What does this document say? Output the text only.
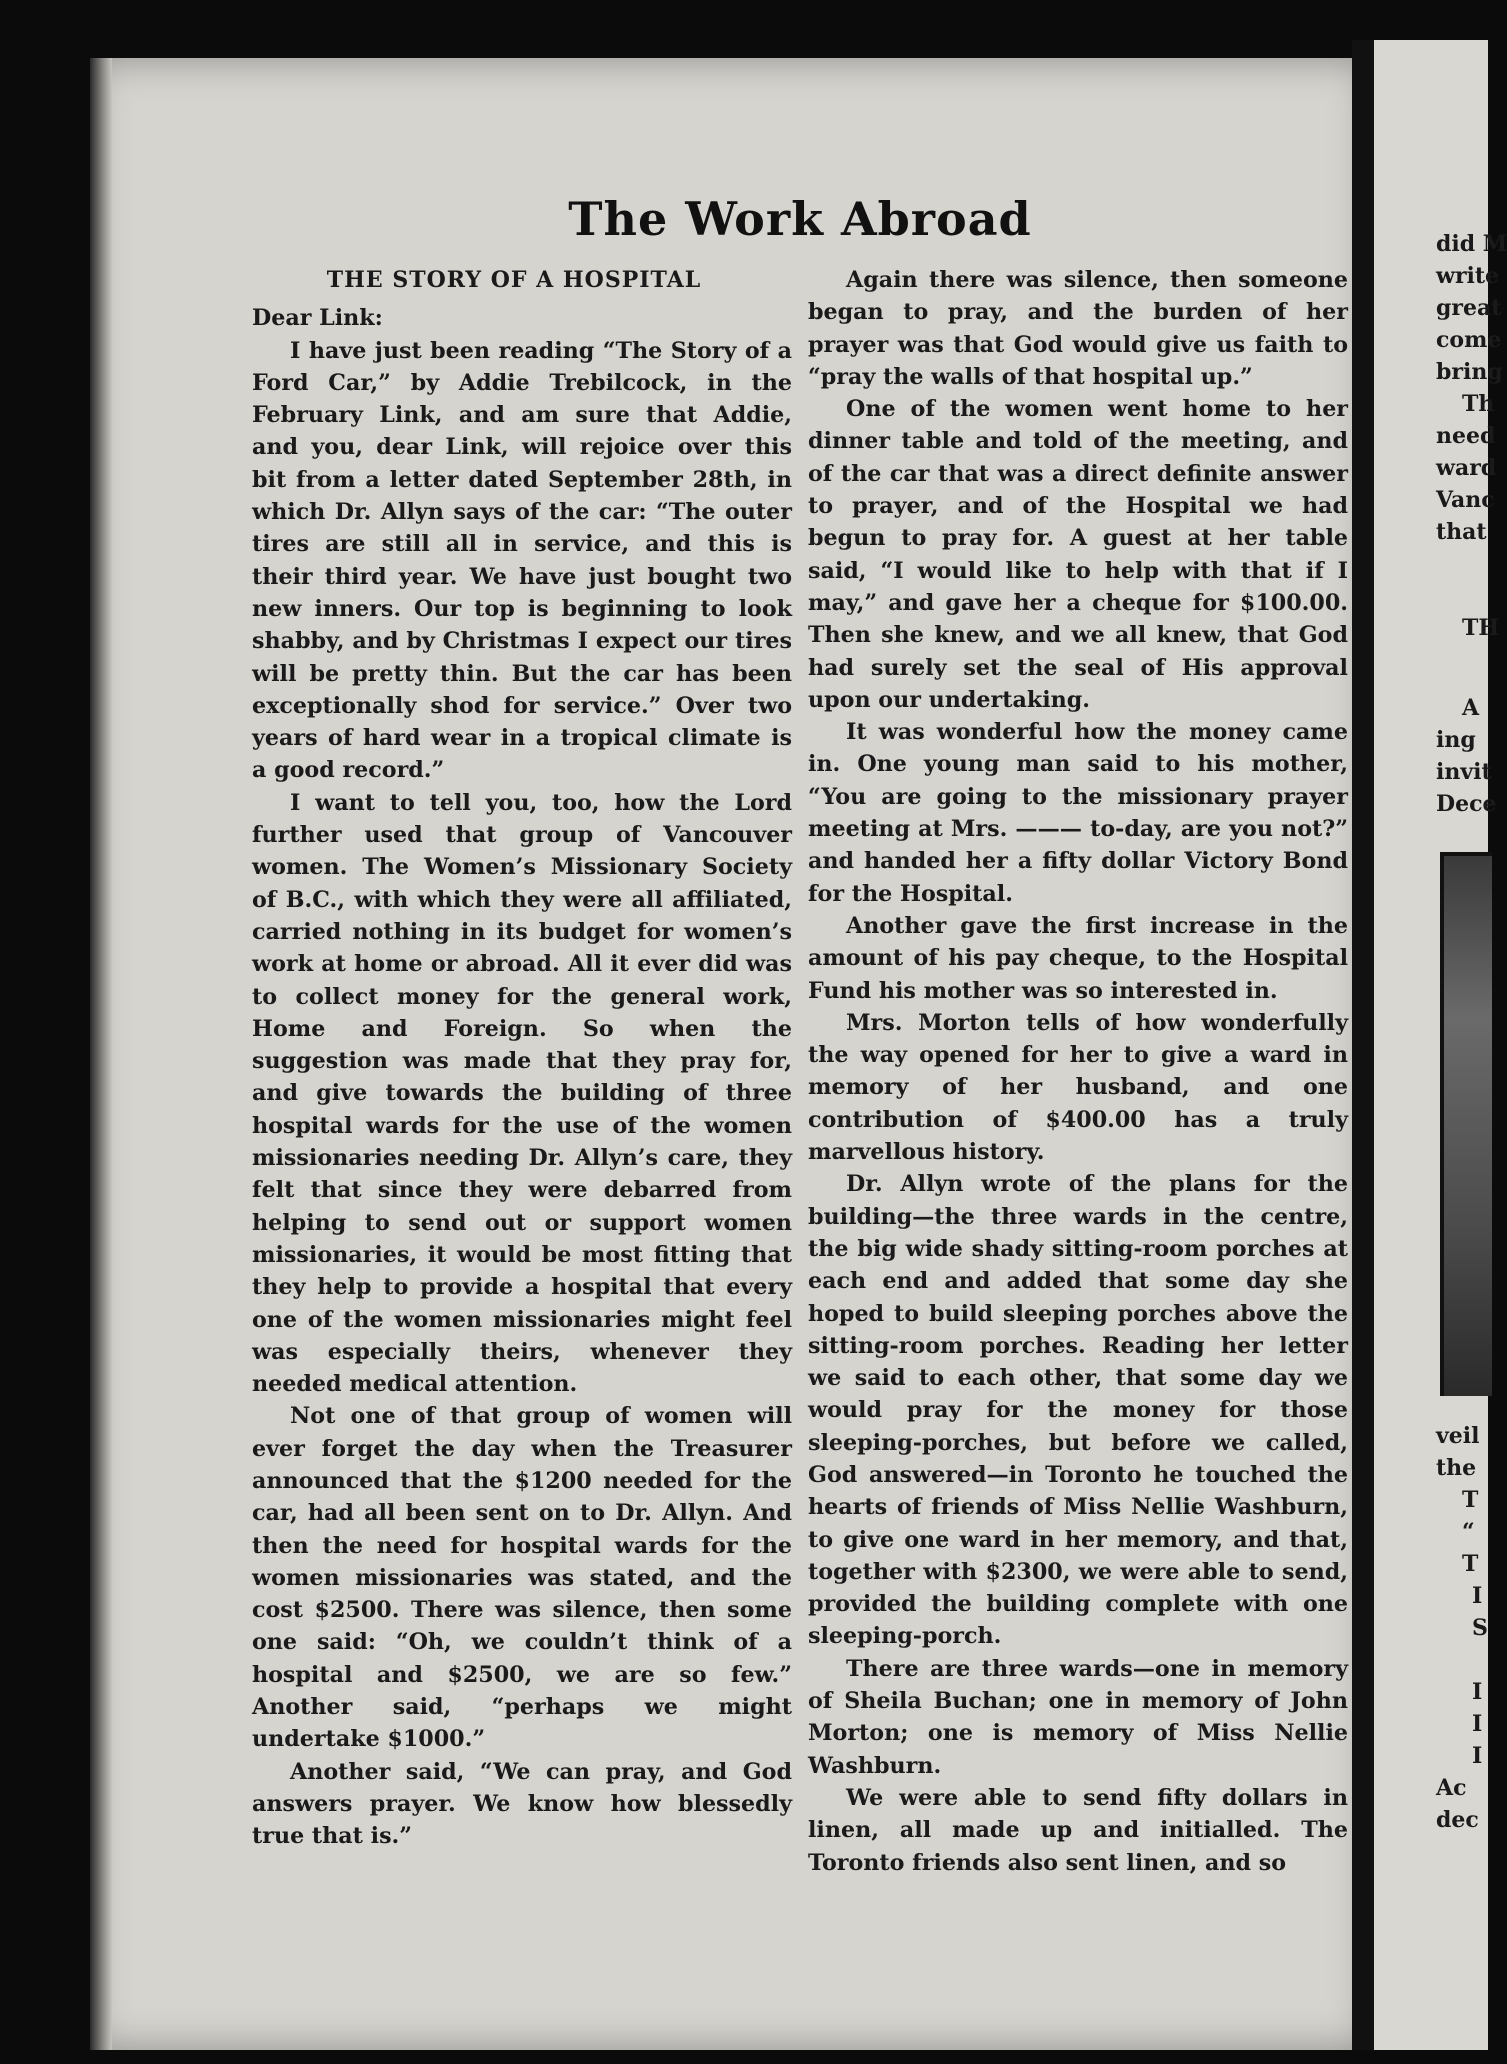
The Work Abroad

THE STORY OF A HOSPITAL

Dear Link:

I have just been reading “The Story of a Ford Car,” by Addie Trebilcock, in the February Link, and am sure that Addie, and you, dear Link, will rejoice over this bit from a letter dated September 28th, in which Dr. Allyn says of the car: “The outer tires are still all in service, and this is their third year. We have just bought two new inners. Our top is beginning to look shabby, and by Christmas I expect our tires will be pretty thin. But the car has been exceptionally shod for service.” Over two years of hard wear in a tropical climate is a good record.”

I want to tell you, too, how the Lord further used that group of Vancouver women. The Women’s Missionary Society of B.C., with which they were all affiliated, carried nothing in its budget for women’s work at home or abroad. All it ever did was to collect money for the general work, Home and Foreign. So when the suggestion was made that they pray for, and give towards the building of three hospital wards for the use of the women missionaries needing Dr. Allyn’s care, they felt that since they were debarred from helping to send out or support women missionaries, it would be most fitting that they help to provide a hospital that every one of the women missionaries might feel was especially theirs, whenever they needed medical attention.

Not one of that group of women will ever forget the day when the Treasurer announced that the $1200 needed for the car, had all been sent on to Dr. Allyn. And then the need for hospital wards for the women missionaries was stated, and the cost $2500. There was silence, then some one said: “Oh, we couldn’t think of a hospital and $2500, we are so few.” Another said, “perhaps we might undertake $1000.”

Another said, “We can pray, and God answers prayer. We know how blessedly true that is.”

Again there was silence, then someone began to pray, and the burden of her prayer was that God would give us faith to “pray the walls of that hospital up.”

One of the women went home to her dinner table and told of the meeting, and of the car that was a direct definite answer to prayer, and of the Hospital we had begun to pray for. A guest at her table said, “I would like to help with that if I may,” and gave her a cheque for $100.00. Then she knew, and we all knew, that God had surely set the seal of His approval upon our undertaking.

It was wonderful how the money came in. One young man said to his mother, “You are going to the missionary prayer meeting at Mrs. ——— to-day, are you not?” and handed her a fifty dollar Victory Bond for the Hospital.

Another gave the first increase in the amount of his pay cheque, to the Hospital Fund his mother was so interested in.

Mrs. Morton tells of how wonderfully the way opened for her to give a ward in memory of her husband, and one contribution of $400.00 has a truly marvellous history.

Dr. Allyn wrote of the plans for the building—the three wards in the centre, the big wide shady sitting-room porches at each end and added that some day she hoped to build sleeping porches above the sitting-room porches. Reading her letter we said to each other, that some day we would pray for the money for those sleeping-porches, but before we called, God answered—in Toronto he touched the hearts of friends of Miss Nellie Washburn, to give one ward in her memory, and that, together with $2300, we were able to send, provided the building complete with one sleeping-porch.

There are three wards—one in memory of Sheila Buchan; one in memory of John Morton; one is memory of Miss Nellie Washburn.

We were able to send fifty dollars in linen, all made up and initialled. The Toronto friends also sent linen, and so

did M
write
great
come
bring
Th
need
ward
Vanc
that
TH
A
ing
invit
Dece
veil
the
T
“
T
I
S
I
I
I
Ac
dec
